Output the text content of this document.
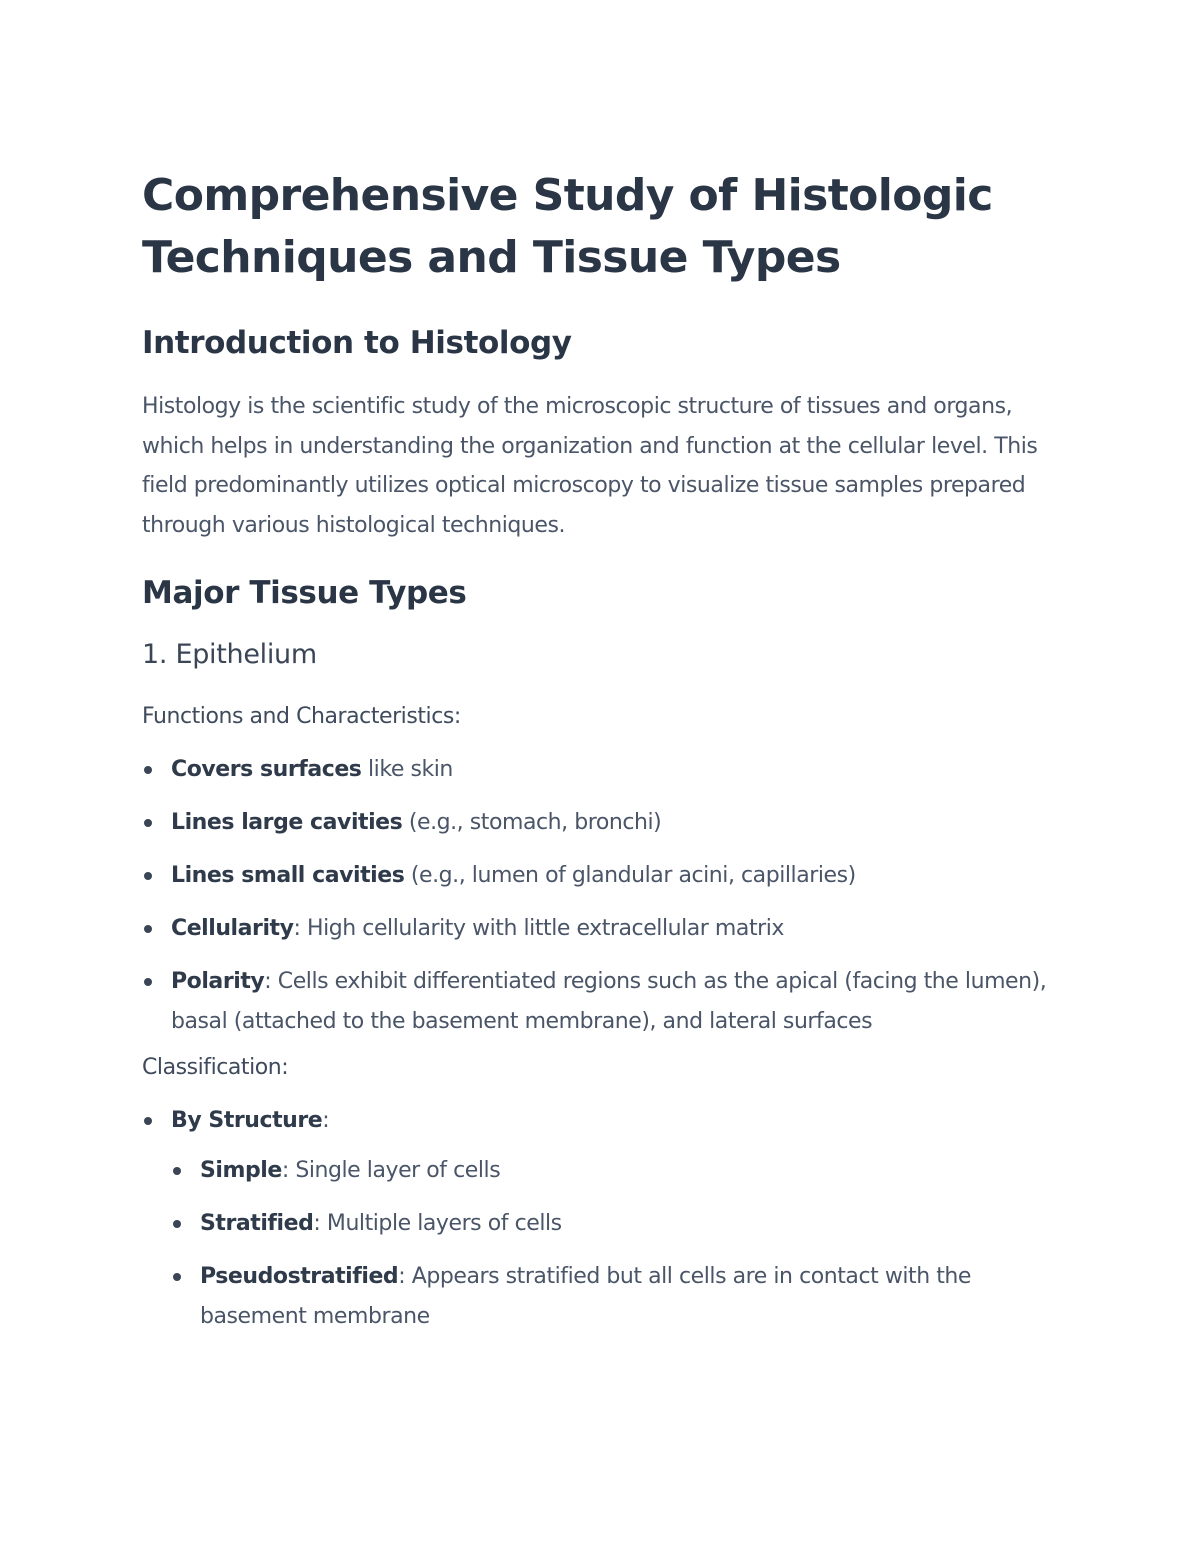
Comprehensive Study of Histologic Techniques and Tissue Types
Introduction to Histology

Histology is the scientific study of the microscopic structure of tissues and organs, which helps in understanding the organization and function at the cellular level. This field predominantly utilizes optical microscopy to visualize tissue samples prepared through various histological techniques.

Major Tissue Types
1. Epithelium
Functions and Characteristics:
Covers surfaces like skin
Lines large cavities (e.g., stomach, bronchi)
Lines small cavities (e.g., lumen of glandular acini, capillaries)
Cellularity: High cellularity with little extracellular matrix
Polarity: Cells exhibit differentiated regions such as the apical (facing the lumen), basal (attached to the basement membrane), and lateral surfaces
Classification:
By Structure:
Simple: Single layer of cells
Stratified: Multiple layers of cells
Pseudostratified: Appears stratified but all cells are in contact with the basement membrane
